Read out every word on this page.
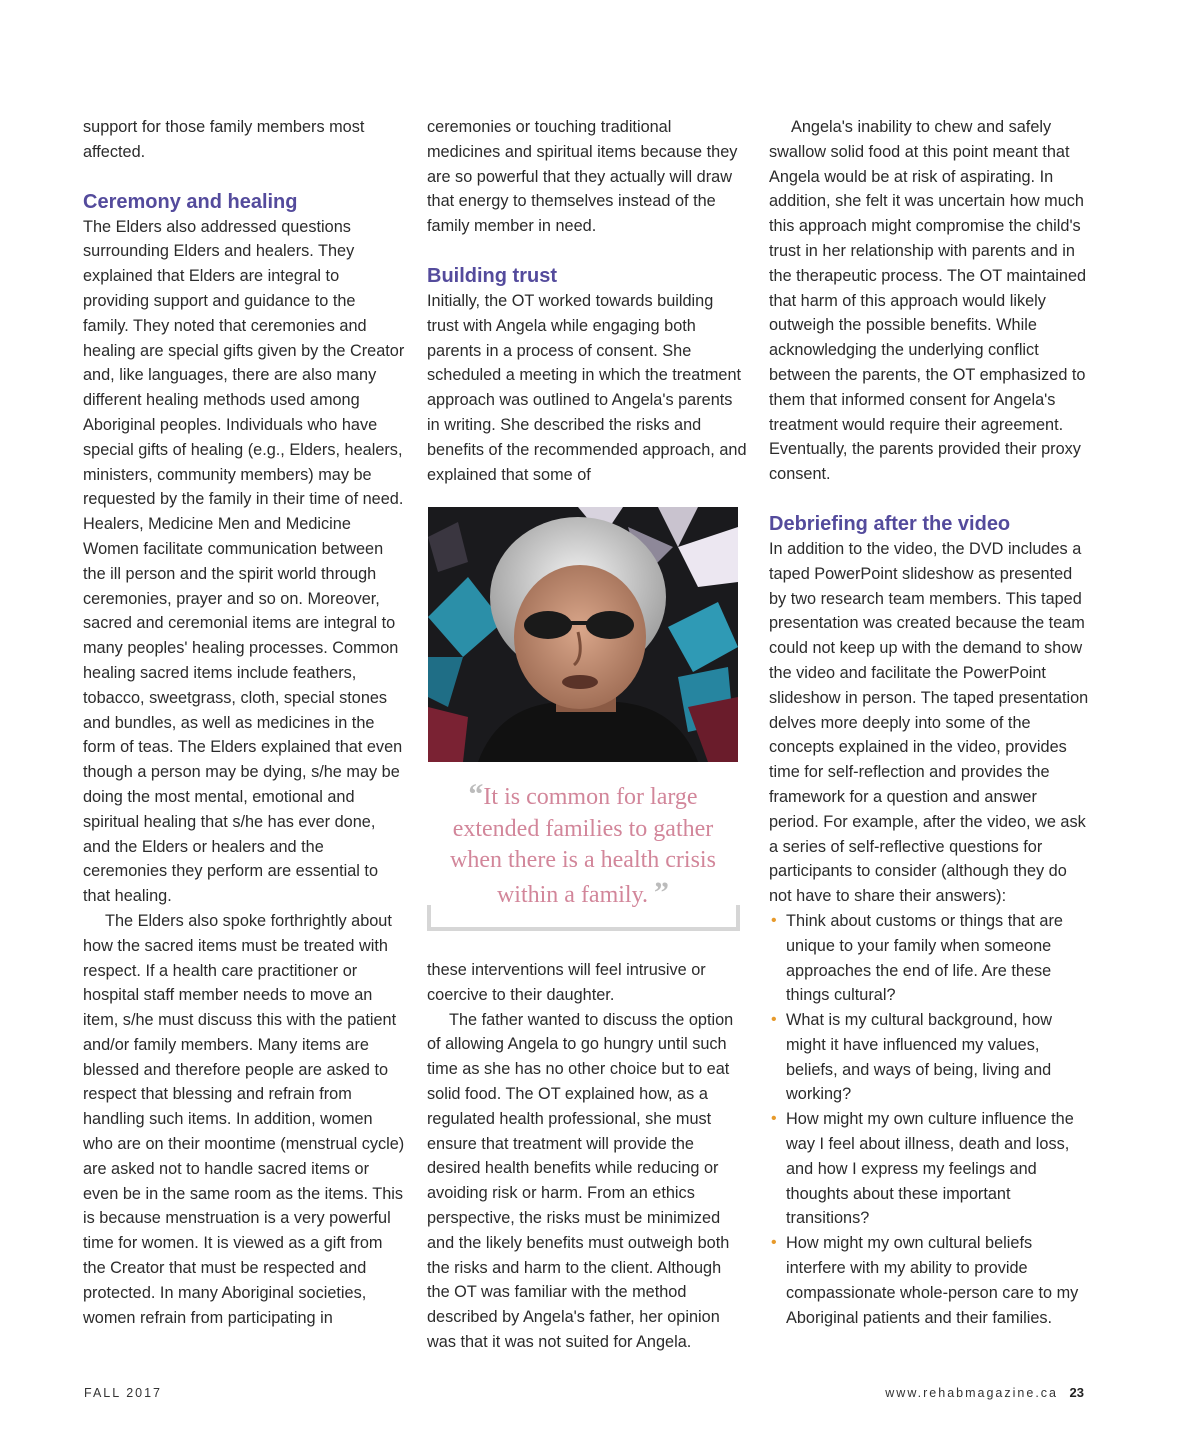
support for those family members most affected.

Ceremony and healing

The Elders also addressed questions surrounding Elders and healers. They explained that Elders are integral to providing support and guidance to the family. They noted that ceremonies and healing are special gifts given by the Creator and, like languages, there are also many different healing methods used among Aboriginal peoples. Individuals who have special gifts of healing (e.g., Elders, healers, ministers, community members) may be requested by the family in their time of need. Healers, Medicine Men and Medicine Women facilitate communication between the ill person and the spirit world through ceremonies, prayer and so on. Moreover, sacred and ceremonial items are integral to many peoples' healing processes. Common healing sacred items include feathers, tobacco, sweetgrass, cloth, special stones and bundles, as well as medicines in the form of teas. The Elders explained that even though a person may be dying, s/he may be doing the most mental, emotional and spiritual healing that s/he has ever done, and the Elders or healers and the ceremonies they perform are essential to that healing.

The Elders also spoke forthrightly about how the sacred items must be treated with respect. If a health care practitioner or hospital staff member needs to move an item, s/he must discuss this with the patient and/or family members. Many items are blessed and therefore people are asked to respect that blessing and refrain from handling such items. In addition, women who are on their moontime (menstrual cycle) are asked not to handle sacred items or even be in the same room as the items. This is because menstruation is a very powerful time for women. It is viewed as a gift from the Creator that must be respected and protected. In many Aboriginal societies, women refrain from participating in

ceremonies or touching traditional medicines and spiritual items because they are so powerful that they actually will draw that energy to themselves instead of the family member in need.

Building trust

Initially, the OT worked towards building trust with Angela while engaging both parents in a process of consent. She scheduled a meeting in which the treatment approach was outlined to Angela's parents in writing. She described the risks and benefits of the recommended approach, and explained that some of

“It is common for large extended families to gather when there is a health crisis within a family. ”

these interventions will feel intrusive or coercive to their daughter.

The father wanted to discuss the option of allowing Angela to go hungry until such time as she has no other choice but to eat solid food. The OT explained how, as a regulated health professional, she must ensure that treatment will provide the desired health benefits while reducing or avoiding risk or harm. From an ethics perspective, the risks must be minimized and the likely benefits must outweigh both the risks and harm to the client. Although the OT was familiar with the method described by Angela's father, her opinion was that it was not suited for Angela.

Angela's inability to chew and safely swallow solid food at this point meant that Angela would be at risk of aspirating. In addition, she felt it was uncertain how much this approach might compromise the child's trust in her relationship with parents and in the therapeutic process. The OT maintained that harm of this approach would likely outweigh the possible benefits. While acknowledging the underlying conflict between the parents, the OT emphasized to them that informed consent for Angela's treatment would require their agreement. Eventually, the parents provided their proxy consent.

Debriefing after the video

In addition to the video, the DVD includes a taped PowerPoint slideshow as presented by two research team members. This taped presentation was created because the team could not keep up with the demand to show the video and facilitate the PowerPoint slideshow in person. The taped presentation delves more deeply into some of the concepts explained in the video, provides time for self-reflection and provides the framework for a question and answer period. For example, after the video, we ask a series of self-reflective questions for participants to consider (although they do not have to share their answers):

• Think about customs or things that are unique to your family when someone approaches the end of life. Are these things cultural?
• What is my cultural background, how might it have influenced my values, beliefs, and ways of being, living and working?
• How might my own culture influence the way I feel about illness, death and loss, and how I express my feelings and thoughts about these important transitions?
• How might my own cultural beliefs interfere with my ability to provide compassionate whole-person care to my Aboriginal patients and their families.
FALL 2017	www.rehabmagazine.ca 23
